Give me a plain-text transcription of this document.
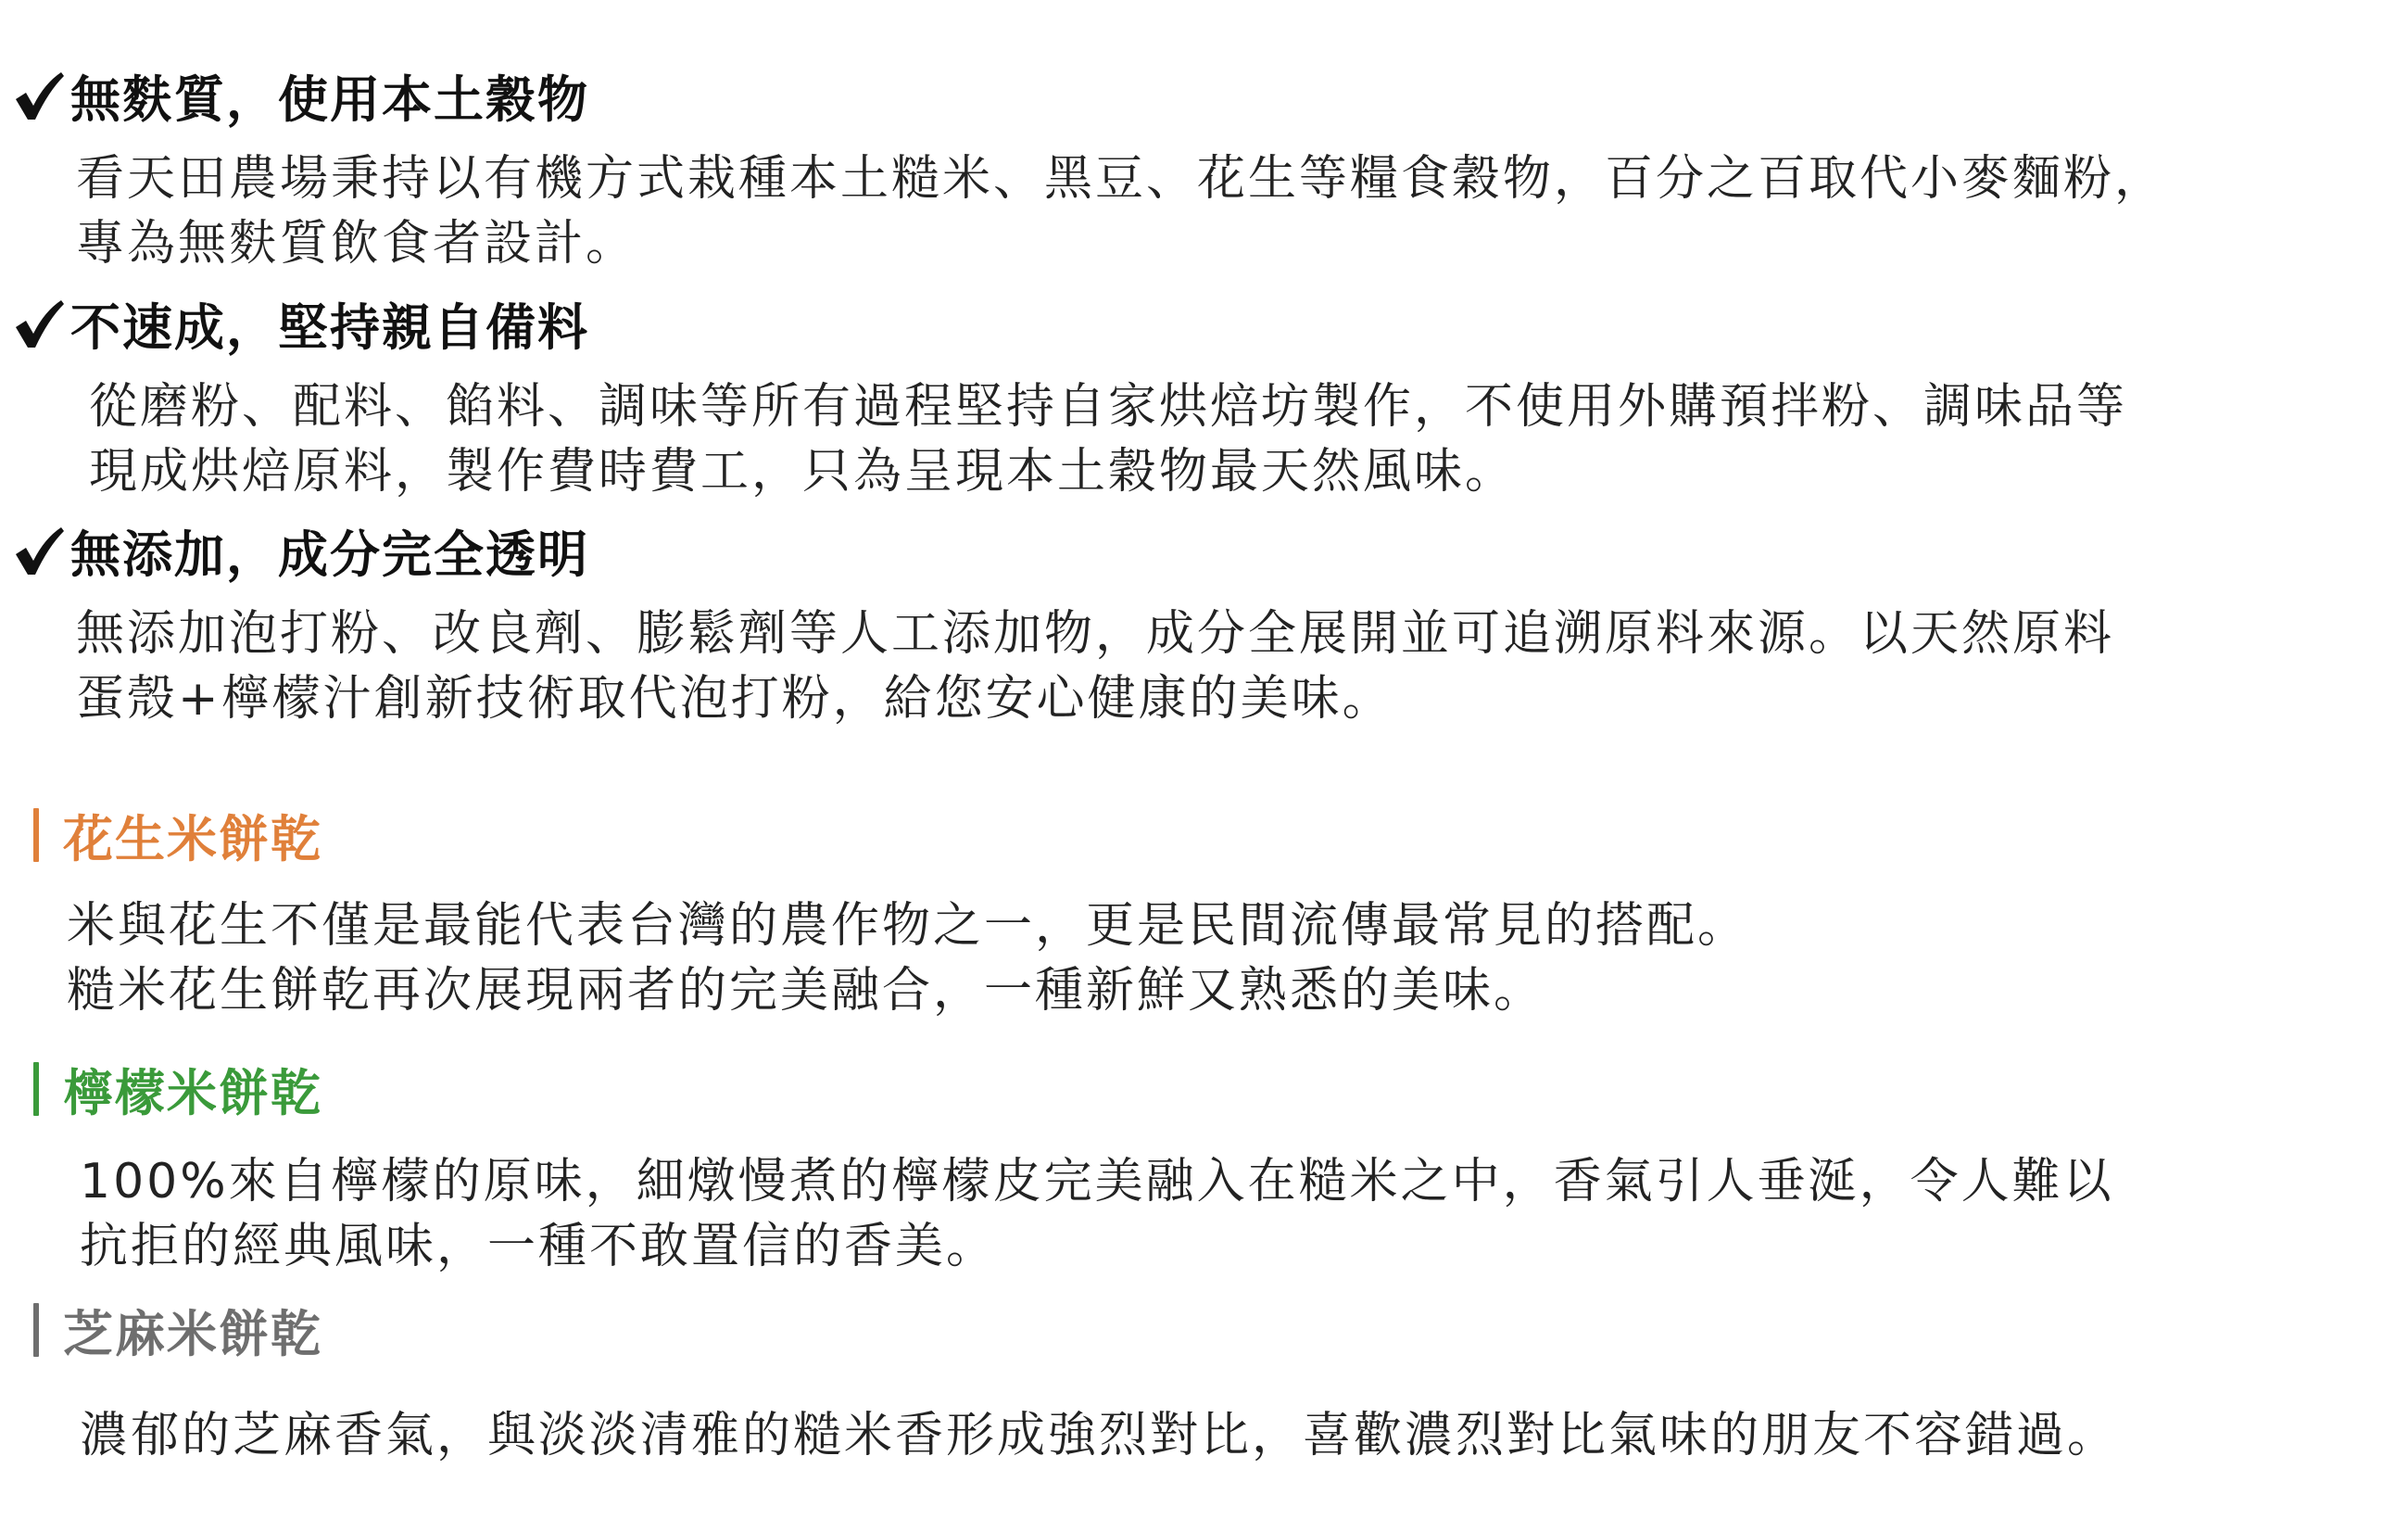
無麩質，使用本土穀物

看天田農場秉持以有機方式栽種本土糙米、黑豆、花生等糧食穀物，百分之百取代小麥麵粉，
專為無麩質飲食者設計。

不速成，堅持親自備料

從磨粉、配料、餡料、調味等所有過程堅持自家烘焙坊製作，不使用外購預拌粉、調味品等
現成烘焙原料，製作費時費工，只為呈現本土穀物最天然風味。

無添加，成分完全透明

無添加泡打粉、改良劑、膨鬆劑等人工添加物，成分全展開並可追溯原料來源。以天然原料
蛋殼+檸檬汁創新技術取代泡打粉，給您安心健康的美味。

花生米餅乾

米與花生不僅是最能代表台灣的農作物之一，更是民間流傳最常見的搭配。
糙米花生餅乾再次展現兩者的完美融合，一種新鮮又熟悉的美味。

檸檬米餅乾

100%來自檸檬的原味，細燉慢煮的檸檬皮完美融入在糙米之中，香氣引人垂涎，令人難以
抗拒的經典風味，一種不敢置信的香美。

芝麻米餅乾

濃郁的芝麻香氣，與淡淡清雅的糙米香形成強烈對比，喜歡濃烈對比氣味的朋友不容錯過。
